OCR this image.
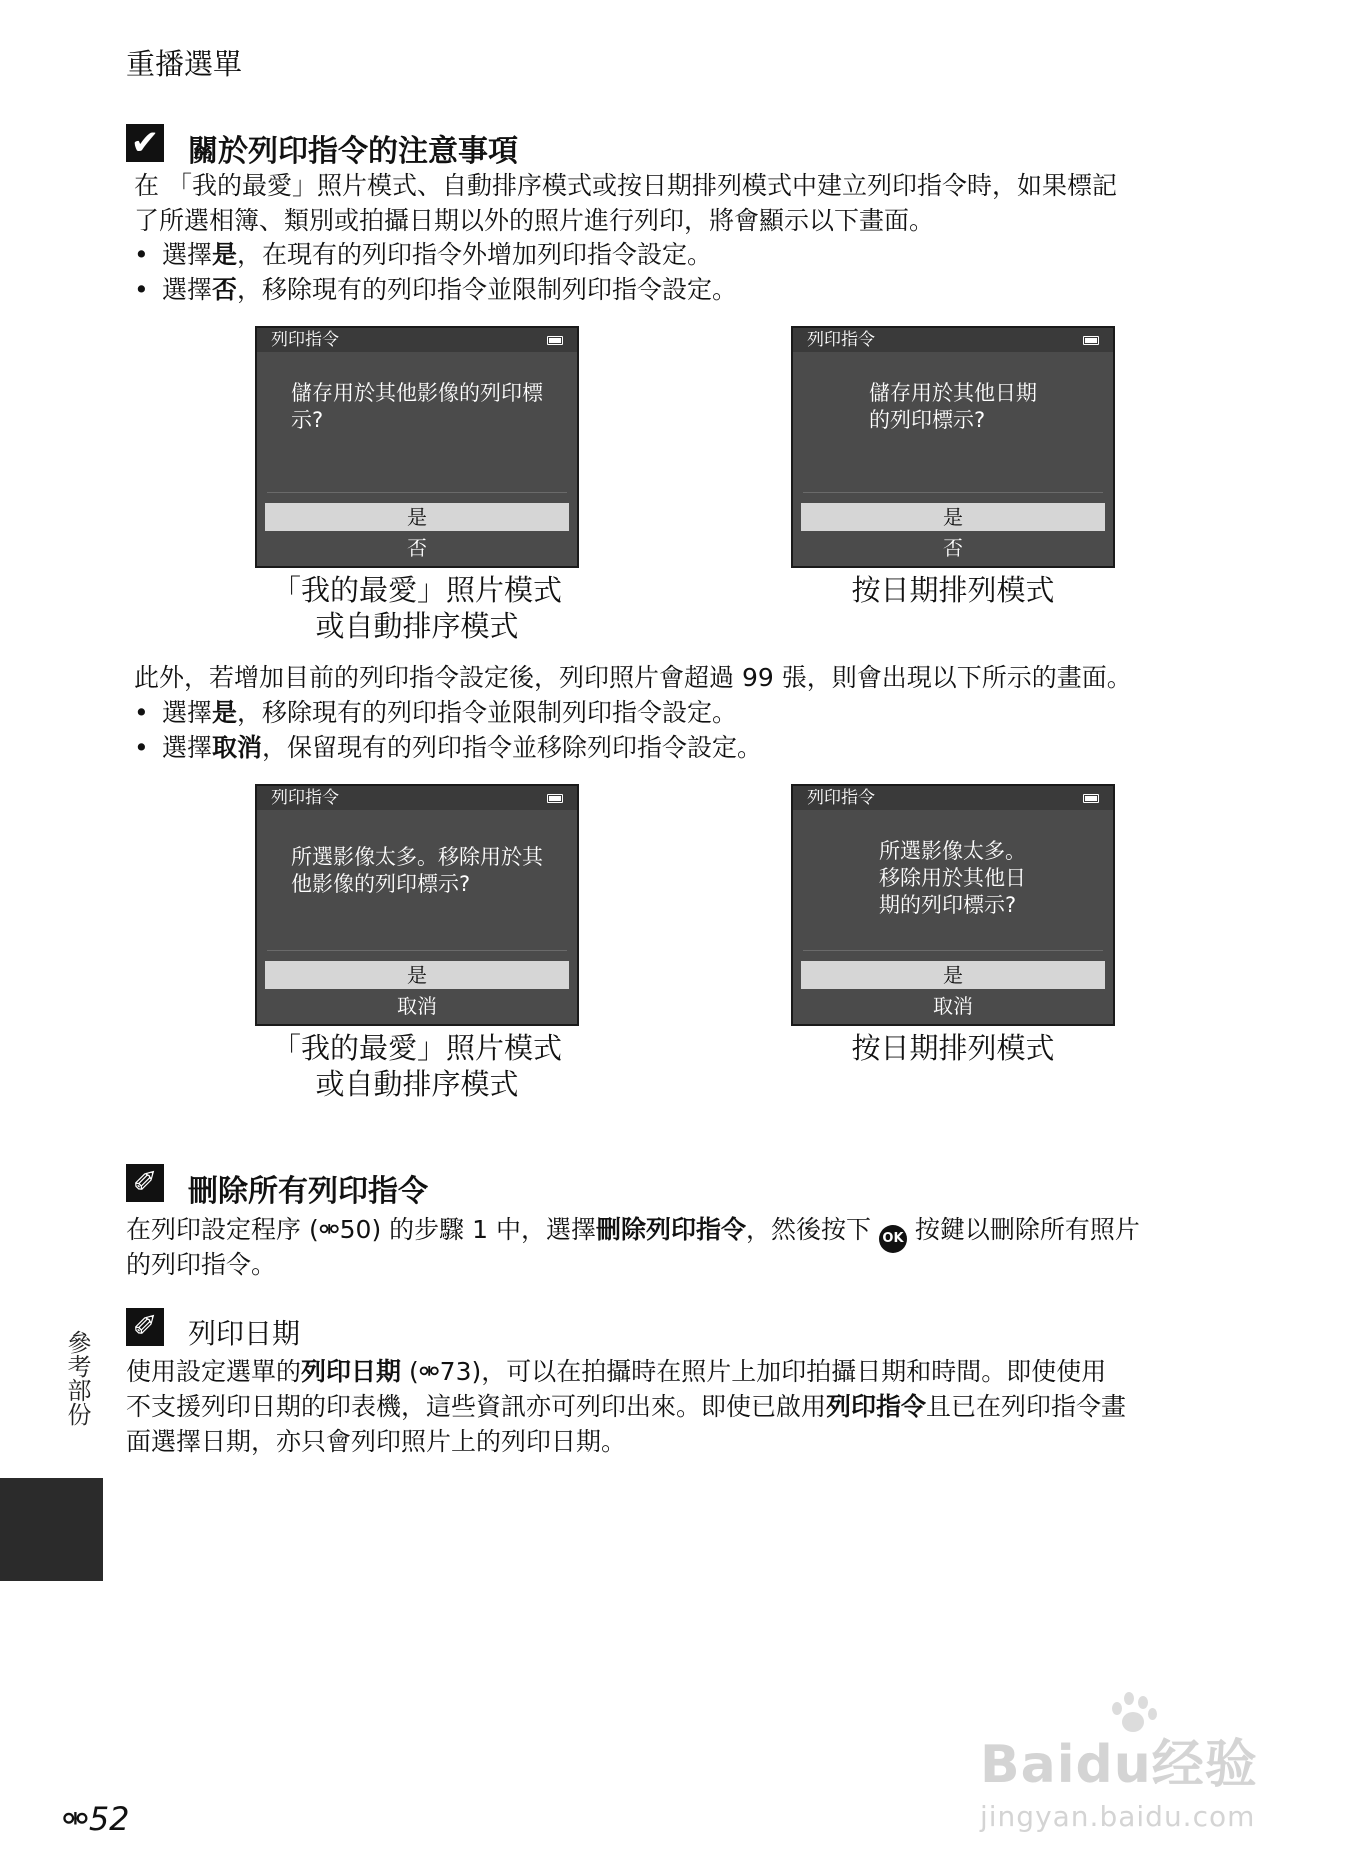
重播選單
✔ 關於列印指令的注意事項
在 「我的最愛」照片模式、自動排序模式或按日期排列模式中建立列印指令時，如果標記
了所選相簿、類別或拍攝日期以外的照片進行列印，將會顯示以下畫面。
• 選擇是，在現有的列印指令外增加列印指令設定。
• 選擇否，移除現有的列印指令並限制列印指令設定。
列印指令
儲存用於其他影像的列印標
示?
是
否
「我的最愛」照片模式
或自動排序模式
列印指令
儲存用於其他日期
的列印標示?
是
否
按日期排列模式
此外，若增加目前的列印指令設定後，列印照片會超過 99 張，則會出現以下所示的畫面。
• 選擇是，移除現有的列印指令並限制列印指令設定。
• 選擇取消，保留現有的列印指令並移除列印指令設定。
列印指令
所選影像太多。移除用於其
他影像的列印標示?
是
取消
「我的最愛」照片模式
或自動排序模式
列印指令
所選影像太多。
移除用於其他日
期的列印標示?
是
取消
按日期排列模式
✐ 刪除所有列印指令
在列印設定程序 (⚮50) 的步驟 1 中，選擇刪除列印指令，然後按下 OK 按鍵以刪除所有照片
的列印指令。
✐ 列印日期
使用設定選單的列印日期 (⚮73)，可以在拍攝時在照片上加印拍攝日期和時間。即使使用
不支援列印日期的印表機，這些資訊亦可列印出來。即使已啟用列印指令且已在列印指令畫
面選擇日期，亦只會列印照片上的列印日期。
參考部份
⚮52
Baidu经验
jingyan.baidu.com
